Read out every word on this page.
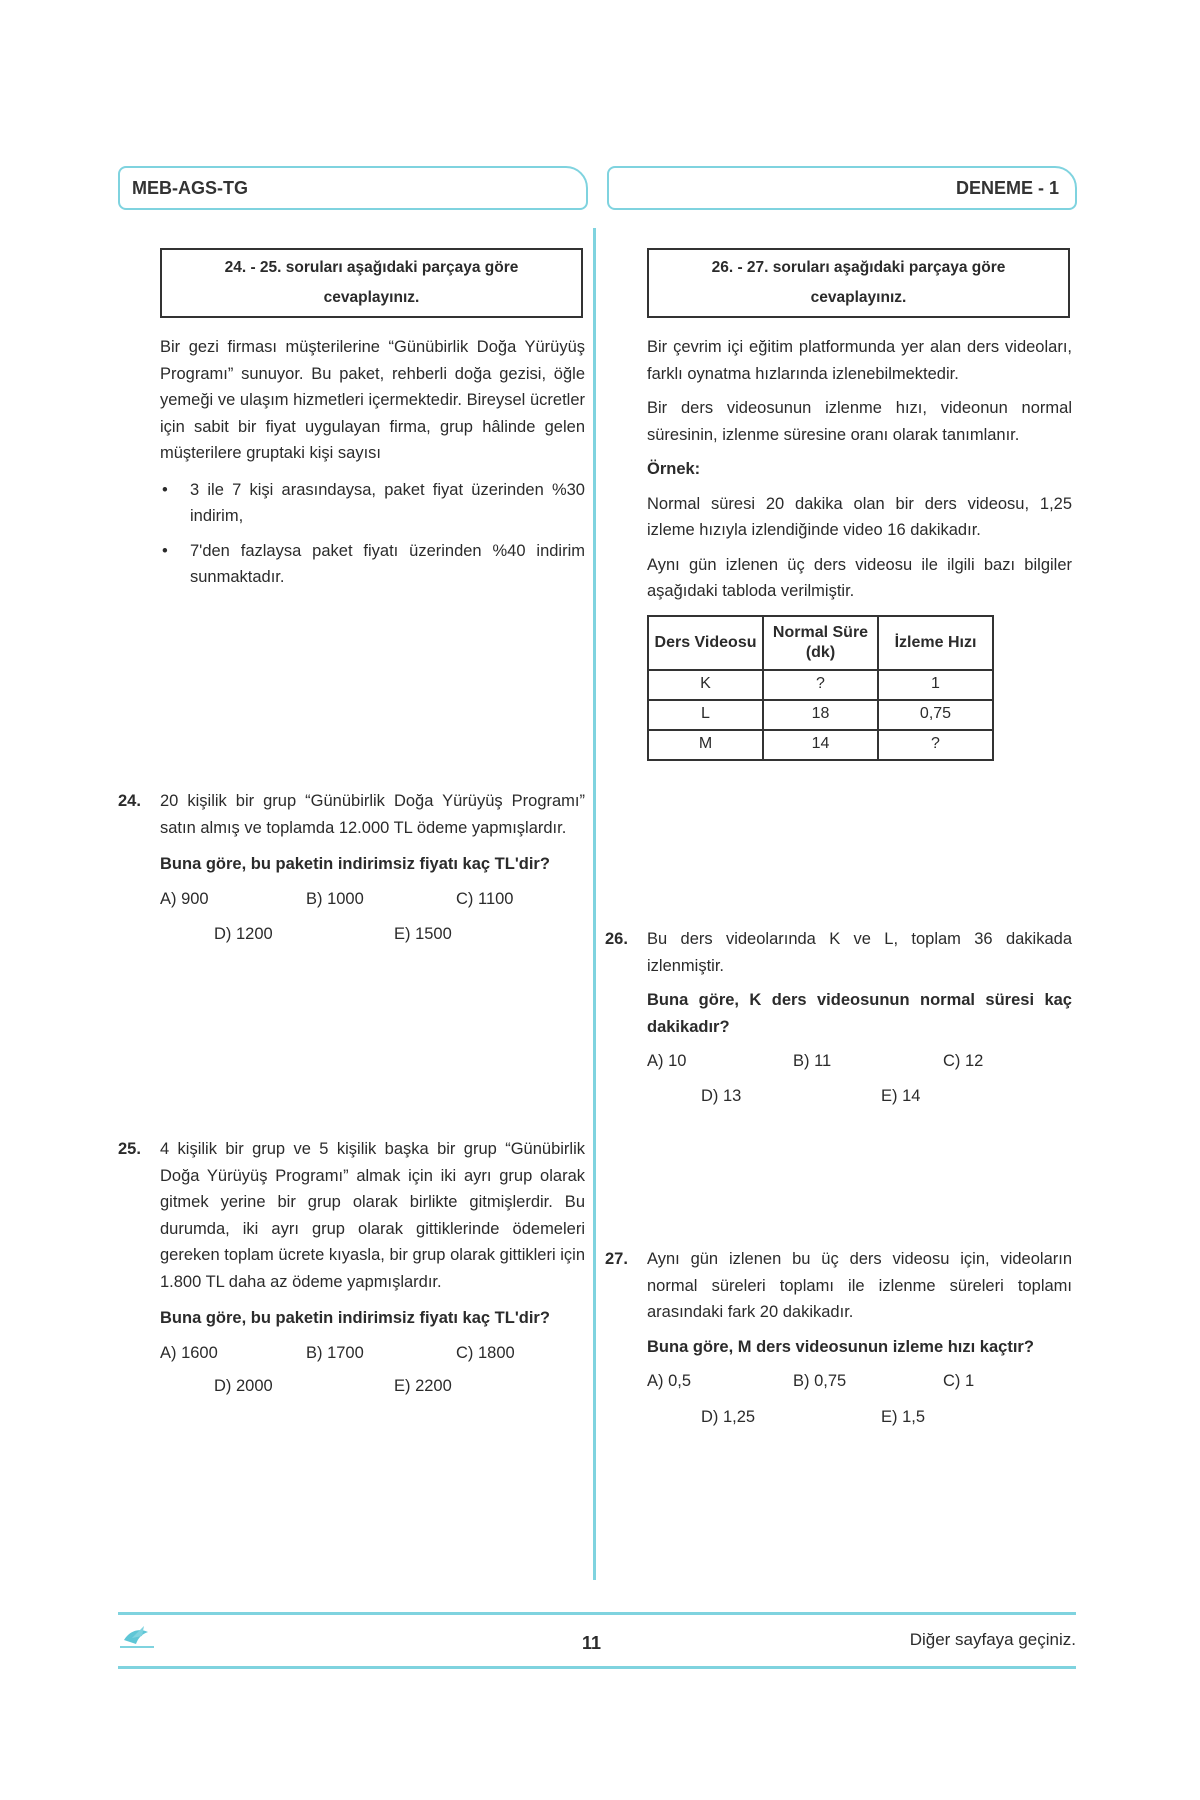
MEB-AGS-TG	DENEME - 1
24. - 25. soruları aşağıdaki parçaya göre cevaplayınız.

Bir gezi firması müşterilerine “Günübirlik Doğa Yürüyüş Programı” sunuyor. Bu paket, rehberli doğa gezisi, öğle yemeği ve ulaşım hizmetleri içermektedir. Bireysel ücretler için sabit bir fiyat uygulayan firma, grup hâlinde gelen müşterilere gruptaki kişi sayısı

• 3 ile 7 kişi arasındaysa, paket fiyat üzerinden %30 indirim,
• 7'den fazlaysa paket fiyatı üzerinden %40 indirim sunmaktadır.
24. 20 kişilik bir grup “Günübirlik Doğa Yürüyüş Programı” satın almış ve toplamda 12.000 TL ödeme yapmışlardır.

Buna göre, bu paketin indirimsiz fiyatı kaç TL'dir?

A) 900	B) 1000	C) 1100
D) 1200	E) 1500
25. 4 kişilik bir grup ve 5 kişilik başka bir grup “Günübirlik Doğa Yürüyüş Programı” almak için iki ayrı grup olarak gitmek yerine bir grup olarak birlikte gitmişlerdir. Bu durumda, iki ayrı grup olarak gittiklerinde ödemeleri gereken toplam ücrete kıyasla, bir grup olarak gittikleri için 1.800 TL daha az ödeme yapmışlardır.

Buna göre, bu paketin indirimsiz fiyatı kaç TL'dir?

A) 1600	B) 1700	C) 1800
D) 2000	E) 2200
26. - 27. soruları aşağıdaki parçaya göre cevaplayınız.

Bir çevrim içi eğitim platformunda yer alan ders videoları, farklı oynatma hızlarında izlenebilmektedir.

Bir ders videosunun izlenme hızı, videonun normal süresinin, izlenme süresine oranı olarak tanımlanır.

Örnek:

Normal süresi 20 dakika olan bir ders videosu, 1,25 izleme hızıyla izlendiğinde video 16 dakikadır.

Aynı gün izlenen üç ders videosu ile ilgili bazı bilgiler aşağıdaki tabloda verilmiştir.

Ders Videosu	Normal Süre (dk)	İzleme Hızı
K	?	1
L	18	0,75
M	14	?
26. Bu ders videolarında K ve L, toplam 36 dakikada izlenmiştir.

Buna göre, K ders videosunun normal süresi kaç dakikadır?

A) 10	B) 11	C) 12
D) 13	E) 14
27. Aynı gün izlenen bu üç ders videosu için, videoların normal süreleri toplamı ile izlenme süreleri toplamı arasındaki fark 20 dakikadır.

Buna göre, M ders videosunun izleme hızı kaçtır?

A) 0,5	B) 0,75	C) 1
D) 1,25	E) 1,5
11	Diğer sayfaya geçiniz.
